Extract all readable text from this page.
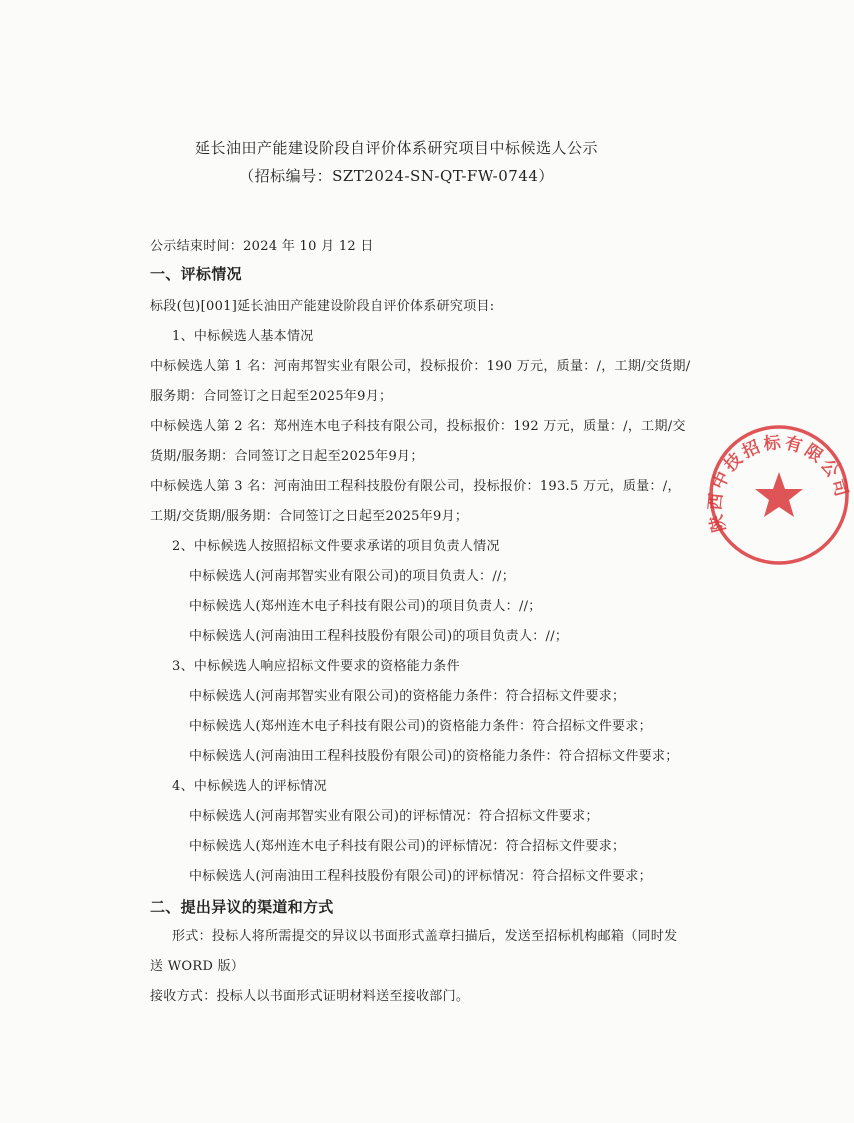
延长油田产能建设阶段自评价体系研究项目中标候选人公示
（招标编号：SZT2024-SN-QT-FW-0744）
公示结束时间：2024 年 10 月 12 日
一、评标情况
标段(包)[001]延长油田产能建设阶段自评价体系研究项目:
1、中标候选人基本情况
中标候选人第 1 名：河南邦智实业有限公司，投标报价：190 万元，质量：/，工期/交货期/
服务期：合同签订之日起至2025年9月；
中标候选人第 2 名：郑州连木电子科技有限公司，投标报价：192 万元，质量：/，工期/交
货期/服务期：合同签订之日起至2025年9月；
中标候选人第 3 名：河南油田工程科技股份有限公司，投标报价：193.5 万元，质量：/，
工期/交货期/服务期：合同签订之日起至2025年9月；
2、中标候选人按照招标文件要求承诺的项目负责人情况
中标候选人(河南邦智实业有限公司)的项目负责人：//；
中标候选人(郑州连木电子科技有限公司)的项目负责人：//；
中标候选人(河南油田工程科技股份有限公司)的项目负责人：//；
3、中标候选人响应招标文件要求的资格能力条件
中标候选人(河南邦智实业有限公司)的资格能力条件：符合招标文件要求；
中标候选人(郑州连木电子科技有限公司)的资格能力条件：符合招标文件要求；
中标候选人(河南油田工程科技股份有限公司)的资格能力条件：符合招标文件要求；
4、中标候选人的评标情况
中标候选人(河南邦智实业有限公司)的评标情况：符合招标文件要求；
中标候选人(郑州连木电子科技有限公司)的评标情况：符合招标文件要求；
中标候选人(河南油田工程科技股份有限公司)的评标情况：符合招标文件要求；
二、提出异议的渠道和方式
形式：投标人将所需提交的异议以书面形式盖章扫描后，发送至招标机构邮箱（同时发
送 WORD 版）
接收方式：投标人以书面形式证明材料送至接收部门。
陕西中技招标有限公司
